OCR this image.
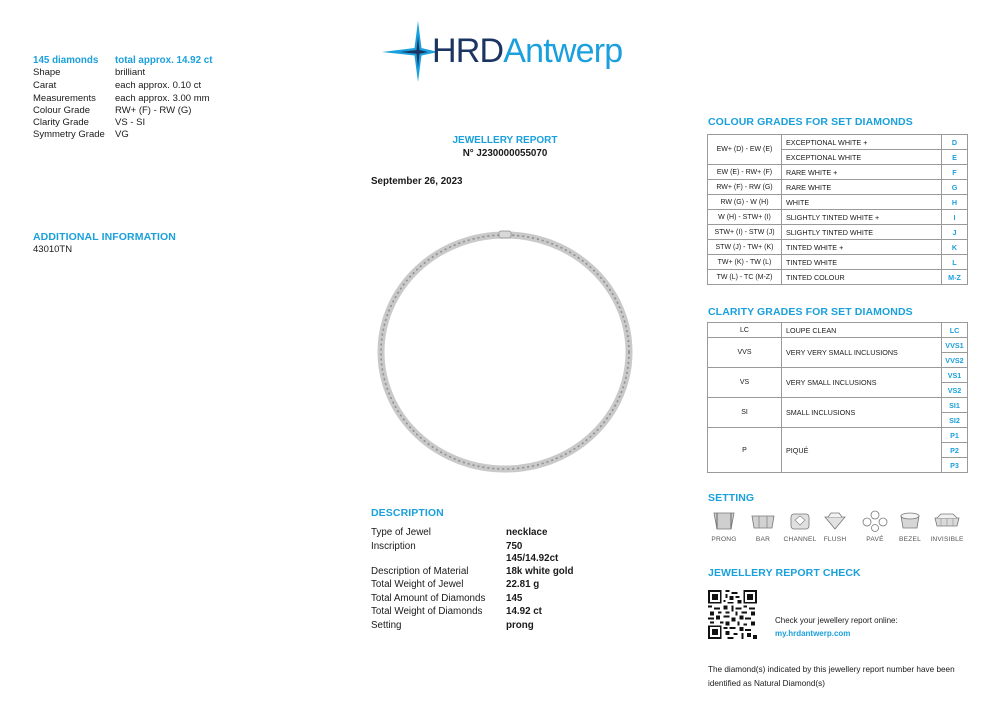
145 diamonds total approx. 14.92 ct
Shape	brilliant
Carat	each approx. 0.10 ct
Measurements	each approx. 3.00 mm
Colour Grade	RW+ (F) - RW (G)
Clarity Grade	VS - SI
Symmetry Grade	VG
ADDITIONAL INFORMATION
43010TN
HRDAntwerp
JEWELLERY REPORT
N° J230000055070
September 26, 2023
DESCRIPTION
Type of Jewel	necklace
Inscription	750
145/14.92ct
Description of Material	18k white gold
Total Weight of Jewel	22.81 g
Total Amount of Diamonds	145
Total Weight of Diamonds	14.92 ct
Setting	prong
COLOUR GRADES FOR SET DIAMONDS
EW+ (D) - EW (E)	EXCEPTIONAL WHITE +	D
	EXCEPTIONAL WHITE	E
EW (E) - RW+ (F)	RARE WHITE +	F
RW+ (F) - RW (G)	RARE WHITE	G
RW (G) - W (H)	WHITE	H
W (H) - STW+ (I)	SLIGHTLY TINTED WHITE +	I
STW+ (I) - STW (J)	SLIGHTLY TINTED WHITE	J
STW (J) - TW+ (K)	TINTED WHITE +	K
TW+ (K) - TW (L)	TINTED WHITE	L
TW (L) - TC (M-Z)	TINTED COLOUR	M-Z
CLARITY GRADES FOR SET DIAMONDS
LC	LOUPE CLEAN	LC
VVS	VERY VERY SMALL INCLUSIONS	VVS1
		VVS2
VS	VERY SMALL INCLUSIONS	VS1
		VS2
SI	SMALL INCLUSIONS	SI1
		SI2
P	PIQUÉ	P1
		P2
		P3
SETTING
PRONG	BAR	CHANNEL	FLUSH	PAVÉ	BEZEL	INVISIBLE
JEWELLERY REPORT CHECK
Check your jewellery report online:
my.hrdantwerp.com
The diamond(s) indicated by this jewellery report number have been
identified as Natural Diamond(s)
